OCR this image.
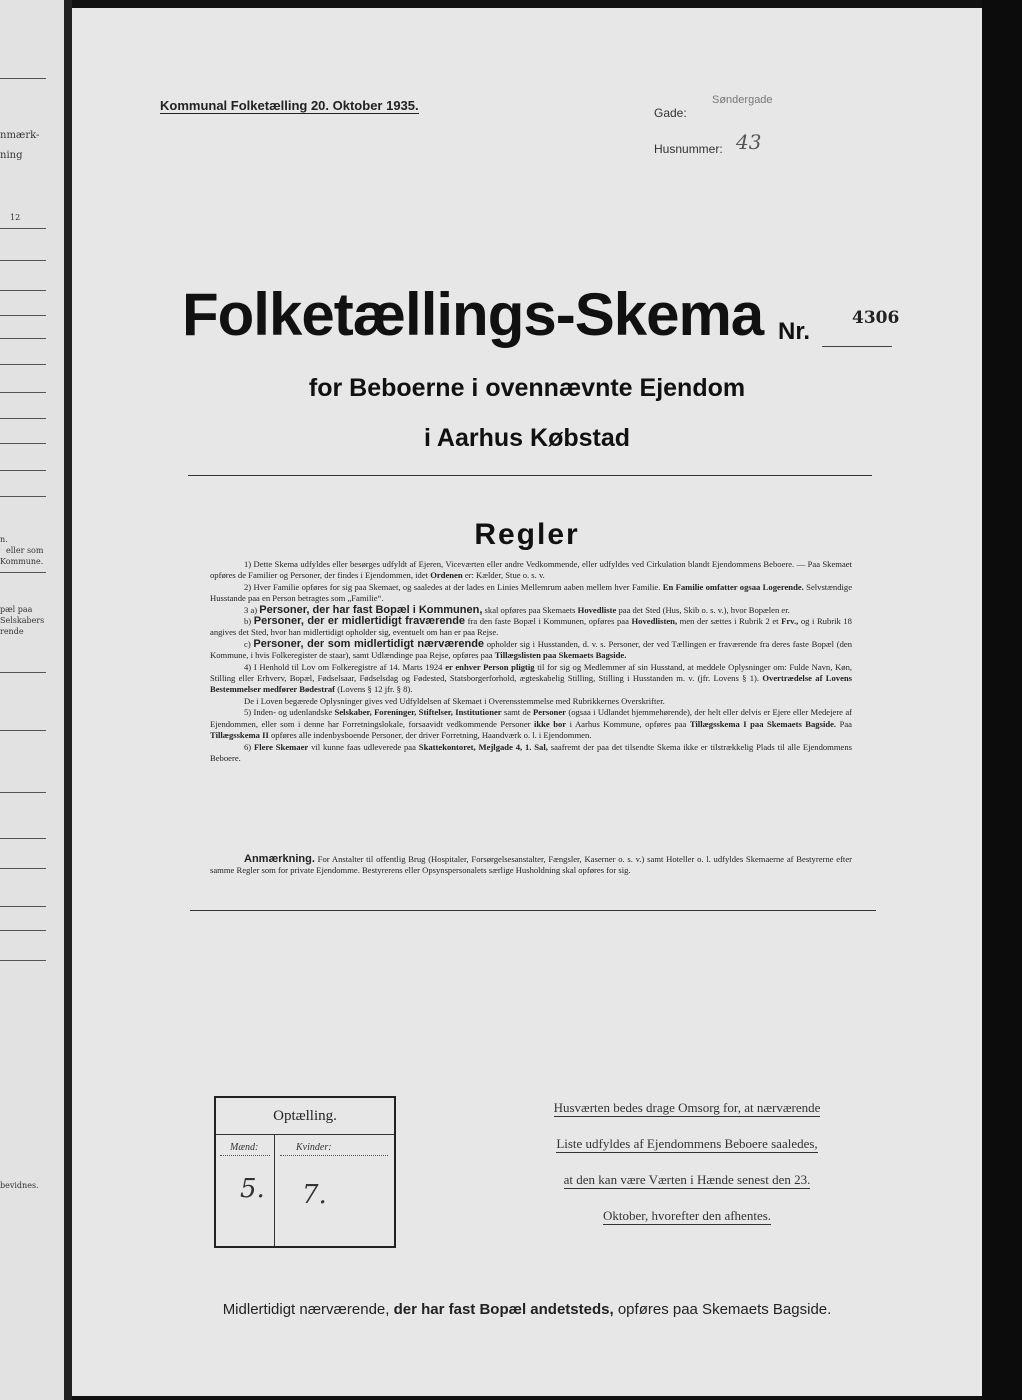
nmærk-
ning
12
n.
eller som
Kommune.
pæl paa
Selskabers
rende
bevidnes.
Kommunal Folketælling 20. Oktober 1935.	Gade:
Søndergade
Husnummer: 43
Folketællings-Skema Nr. 4306
for Beboerne i ovennævnte Ejendom
i Aarhus Købstad
Regler

1) Dette Skema udfyldes eller besørges udfyldt af Ejeren, Viceværten eller andre Vedkommende, eller udfyldes ved Cirkulation blandt Ejendommens Beboere. — Paa Skemaet opføres de Familier og Personer, der findes i Ejendommen, idet Ordenen er: Kælder, Stue o. s. v.

2) Hver Familie opføres for sig paa Skemaet, og saaledes at der lades en Linies Mellemrum aaben mellem hver Familie. En Familie omfatter ogsaa Logerende. Selvstændige Husstande paa en Person betragtes som „Familie“.

3 a) Personer, der har fast Bopæl i Kommunen, skal opføres paa Skemaets Hovedliste paa det Sted (Hus, Skib o. s. v.), hvor Bopælen er.

b) Personer, der er midlertidigt fraværende fra den faste Bopæl i Kommunen, opføres paa Hovedlisten, men der sættes i Rubrik 2 et Frv., og i Rubrik 18 angives det Sted, hvor han midlertidigt opholder sig, eventuelt om han er paa Rejse.

c) Personer, der som midlertidigt nærværende opholder sig i Husstanden, d. v. s. Personer, der ved Tællingen er fraværende fra deres faste Bopæl (den Kommune, i hvis Folkeregister de staar), samt Udlændinge paa Rejse, opføres paa Tillægslisten paa Skemaets Bagside.

4) I Henhold til Lov om Folkeregistre af 14. Marts 1924 er enhver Person pligtig til for sig og Medlemmer af sin Husstand, at meddele Oplysninger om: Fulde Navn, Køn, Stilling eller Erhverv, Bopæl, Fødselsaar, Fødselsdag og Fødested, Statsborgerforhold, ægteskabelig Stilling, Stilling i Husstanden m. v. (jfr. Lovens § 1). Overtrædelse af Lovens Bestemmelser medfører Bødestraf (Lovens § 12 jfr. § 8).

De i Loven begærede Oplysninger gives ved Udfyldelsen af Skemaet i Overensstemmelse med Rubrikkernes Overskrifter.

5) Inden- og udenlandske Selskaber, Foreninger, Stiftelser, Institutioner samt de Personer (ogsaa i Udlandet hjemmehørende), der helt eller delvis er Ejere eller Medejere af Ejendommen, eller som i denne har Forretningslokale, forsaavidt vedkommende Personer ikke bor i Aarhus Kommune, opføres paa Tillægsskema I paa Skemaets Bagside. Paa Tillægsskema II opføres alle indenbysboende Personer, der driver Forretning, Haandværk o. l. i Ejendommen.

6) Flere Skemaer vil kunne faas udleverede paa Skattekontoret, Mejlgade 4, 1. Sal, saafremt der paa det tilsendte Skema ikke er tilstrækkelig Plads til alle Ejendommens Beboere.

Anmærkning. For Anstalter til offentlig Brug (Hospitaler, Forsørgelsesanstalter, Fængsler, Kaserner o. s. v.) samt Hoteller o. l. udfyldes Skemaerne af Bestyrerne efter samme Regler som for private Ejendomme. Bestyrerens eller Opsynspersonalets særlige Husholdning skal opføres for sig.

Optælling.
Mænd:	Kvinder:
5. 7.
Husværten bedes drage Omsorg for, at nærværende
Liste udfyldes af Ejendommens Beboere saaledes,
at den kan være Værten i Hænde senest den 23.
Oktober, hvorefter den afhentes.
Midlertidigt nærværende, der har fast Bopæl andetsteds, opføres paa Skemaets Bagside.
